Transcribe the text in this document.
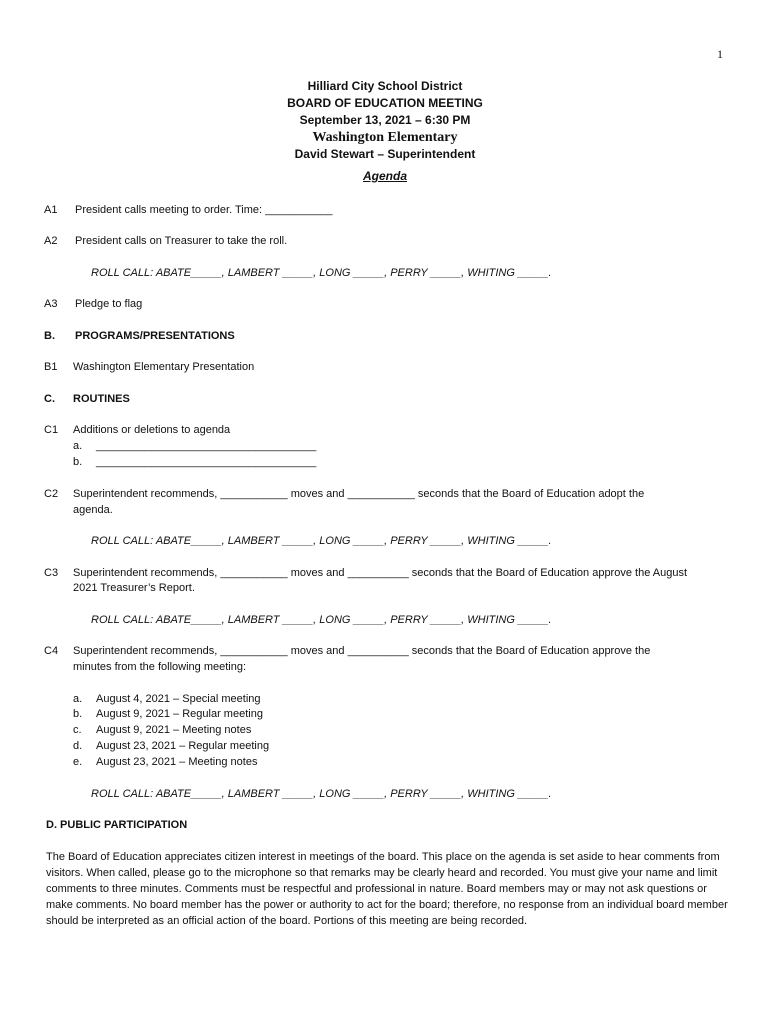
1
Hilliard City School District
BOARD OF EDUCATION MEETING
September 13, 2021 – 6:30 PM
Washington Elementary
David Stewart – Superintendent
Agenda
A1 President calls meeting to order. Time: ___________
A2 President calls on Treasurer to take the roll.
ROLL CALL: ABATE_____, LAMBERT _____, LONG _____, PERRY _____, WHITING _____.
A3 Pledge to flag
B. PROGRAMS/PRESENTATIONS
B1 Washington Elementary Presentation
C. ROUTINES
C1 Additions or deletions to agenda
a. ____________________________________
b. ____________________________________
C2 Superintendent recommends, ___________ moves and ___________ seconds that the Board of Education adopt the
agenda.
ROLL CALL: ABATE_____, LAMBERT _____, LONG _____, PERRY _____, WHITING _____.
C3 Superintendent recommends, ___________ moves and __________ seconds that the Board of Education approve the August
2021 Treasurer’s Report.
ROLL CALL: ABATE_____, LAMBERT _____, LONG _____, PERRY _____, WHITING _____.
C4 Superintendent recommends, ___________ moves and __________ seconds that the Board of Education approve the
minutes from the following meeting:
a. August 4, 2021 – Special meeting
b. August 9, 2021 – Regular meeting
c. August 9, 2021 – Meeting notes
d. August 23, 2021 – Regular meeting
e. August 23, 2021 – Meeting notes
ROLL CALL: ABATE_____, LAMBERT _____, LONG _____, PERRY _____, WHITING _____.
D. PUBLIC PARTICIPATION
The Board of Education appreciates citizen interest in meetings of the board. This place on the agenda is set aside to hear comments from visitors. When called, please go to the microphone so that remarks may be clearly heard and recorded. You must give your name and limit comments to three minutes. Comments must be respectful and professional in nature. Board members may or may not ask questions or make comments. No board member has the power or authority to act for the board; therefore, no response from an individual board member should be interpreted as an official action of the board. Portions of this meeting are being recorded.
